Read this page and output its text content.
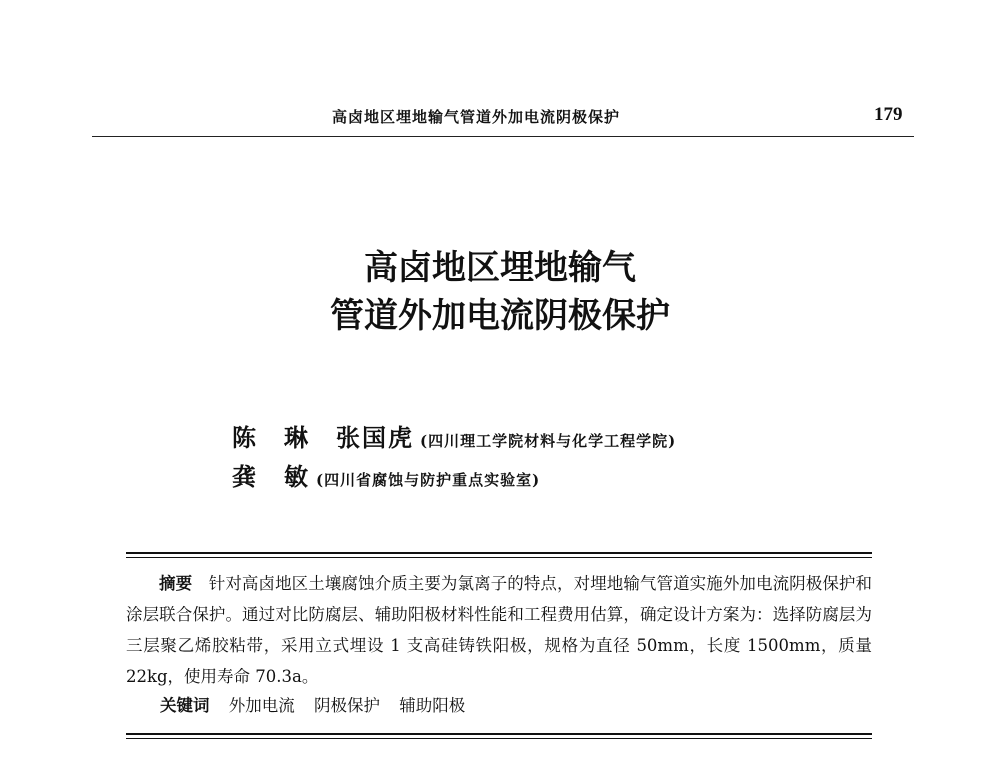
高卤地区埋地输气管道外加电流阴极保护	179
高卤地区埋地输气
管道外加电流阴极保护
陈　琳　张国虎 (四川理工学院材料与化学工程学院)
龚　敏 (四川省腐蚀与防护重点实验室)

摘要　 针对高卤地区土壤腐蚀介质主要为氯离子的特点，对埋地输气管道实施外加电流阴极保护和涂层联合保护。通过对比防腐层、辅助阳极材料性能和工程费用估算，确定设计方案为：选择防腐层为三层聚乙烯胶粘带，采用立式埋设 1 支高硅铸铁阳极，规格为直径 50mm，长度 1500mm，质量 22kg，使用寿命 70.3a。

关键词 外加电流 阴极保护 辅助阳极
